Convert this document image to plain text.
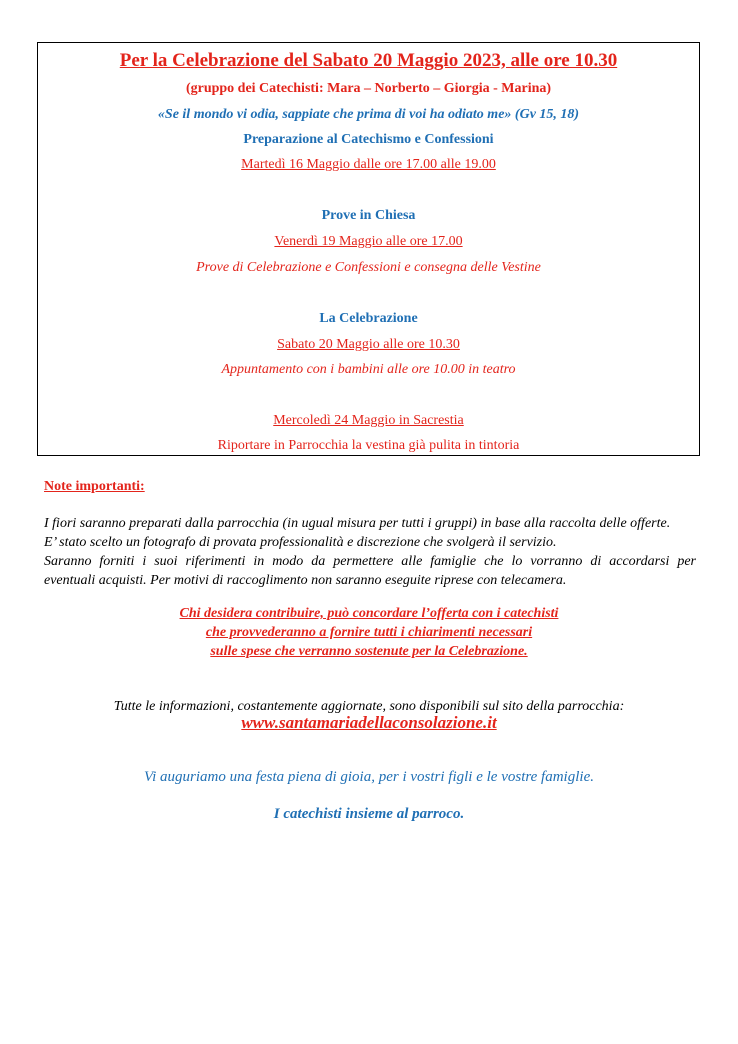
Per la Celebrazione del Sabato 20 Maggio 2023, alle ore 10.30
(gruppo dei Catechisti: Mara – Norberto – Giorgia - Marina)
«Se il mondo vi odia, sappiate che prima di voi ha odiato me» (Gv 15, 18)
Preparazione al Catechismo e Confessioni
Martedì 16 Maggio dalle ore 17.00 alle 19.00
Prove in Chiesa
Venerdì 19 Maggio alle ore 17.00
Prove di Celebrazione e Confessioni e consegna delle Vestine
La Celebrazione
Sabato 20 Maggio alle ore 10.30
Appuntamento con i bambini alle ore 10.00 in teatro
Mercoledì 24 Maggio in Sacrestia
Riportare in Parrocchia la vestina già pulita in tintoria
Note importanti:
I fiori saranno preparati dalla parrocchia (in ugual misura per tutti i gruppi) in base alla raccolta delle offerte.
E’ stato scelto un fotografo di provata professionalità e discrezione che svolgerà il servizio.
Saranno forniti i suoi riferimenti in modo da permettere alle famiglie che lo vorranno di accordarsi per
eventuali acquisti. Per motivi di raccoglimento non saranno eseguite riprese con telecamera.
Chi desidera contribuire, può concordare l’offerta con i catechisti
che provvederanno a fornire tutti i chiarimenti necessari
sulle spese che verranno sostenute per la Celebrazione.
Tutte le informazioni, costantemente aggiornate, sono disponibili sul sito della parrocchia:
www.santamariadellaconsolazione.it
Vi auguriamo una festa piena di gioia, per i vostri figli e le vostre famiglie.
I catechisti insieme al parroco.
